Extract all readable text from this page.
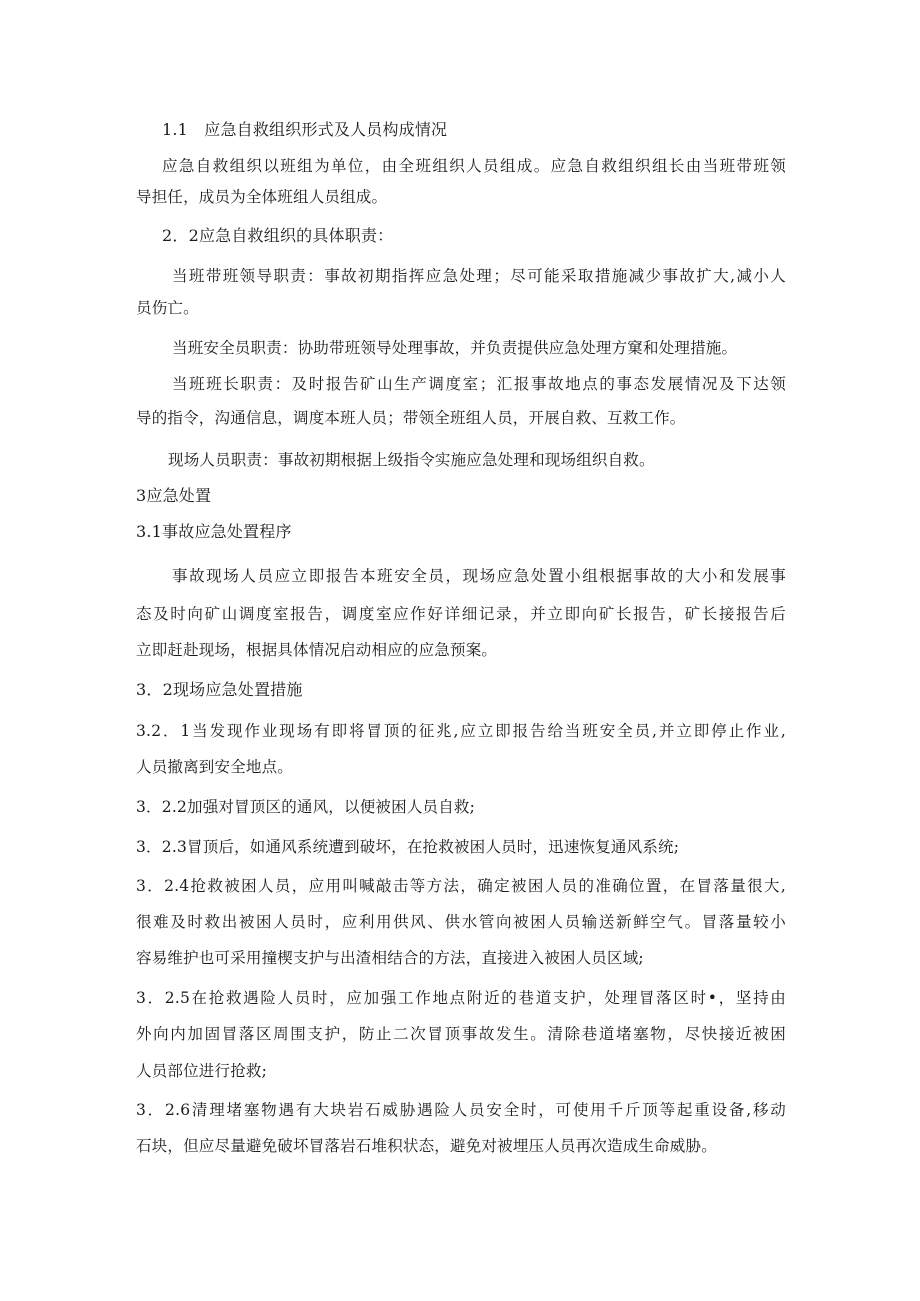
1.1　应急自救组织形式及人员构成情况
应急自救组织以班组为单位，由全班组织人员组成。应急自救组织组长由当班带班领
导担任，成员为全体班组人员组成。
2．2应急自救组织的具体职责：
当班带班领导职责：事故初期指挥应急处理；尽可能采取措施减少事故扩大,减小人
员伤亡。
当班安全员职责：协助带班领导处理事故，并负责提供应急处理方窠和处理措施。
当班班长职责：及时报告矿山生产调度室；汇报事故地点的事态发展情况及下达领
导的指令，沟通信息，调度本班人员；带领全班组人员，开展自救、互救工作。
现场人员职责：事故初期根据上级指令实施应急处理和现场组织自救。
3应急处置
3.1事故应急处置程序
事故现场人员应立即报告本班安全员，现场应急处置小组根据事故的大小和发展事
态及时向矿山调度室报告，调度室应作好详细记录，并立即向矿长报告，矿长接报告后
立即赶赴现场，根据具体情况启动相应的应急预案。
3．2现场应急处置措施
3.2．1当发现作业现场有即将冒顶的征兆,应立即报告给当班安全员,并立即停止作业,
人员撤离到安全地点。
3．2.2加强对冒顶区的通风，以便被困人员自救;
3．2.3冒顶后，如通风系统遭到破坏，在抢救被困人员时，迅速恢复通风系统;
3．2.4抢救被困人员，应用叫喊敲击等方法，确定被困人员的准确位置，在冒落量很大,
很难及时救出被困人员时，应利用供风、供水管向被困人员输送新鲜空气。冒落量较小
容易维护也可采用撞楔支护与出渣相结合的方法，直接进入被困人员区域;
3．2.5在抢救遇险人员时，应加强工作地点附近的巷道支护，处理冒落区时•，坚持由
外向内加固冒落区周围支护，防止二次冒顶事故发生。清除巷道堵塞物，尽快接近被困
人员部位进行抢救;
3．2.6清理堵塞物遇有大块岩石威胁遇险人员安全时，可使用千斤顶等起重设备,移动
石块，但应尽量避免破坏冒落岩石堆积状态，避免对被埋压人员再次造成生命威胁。
